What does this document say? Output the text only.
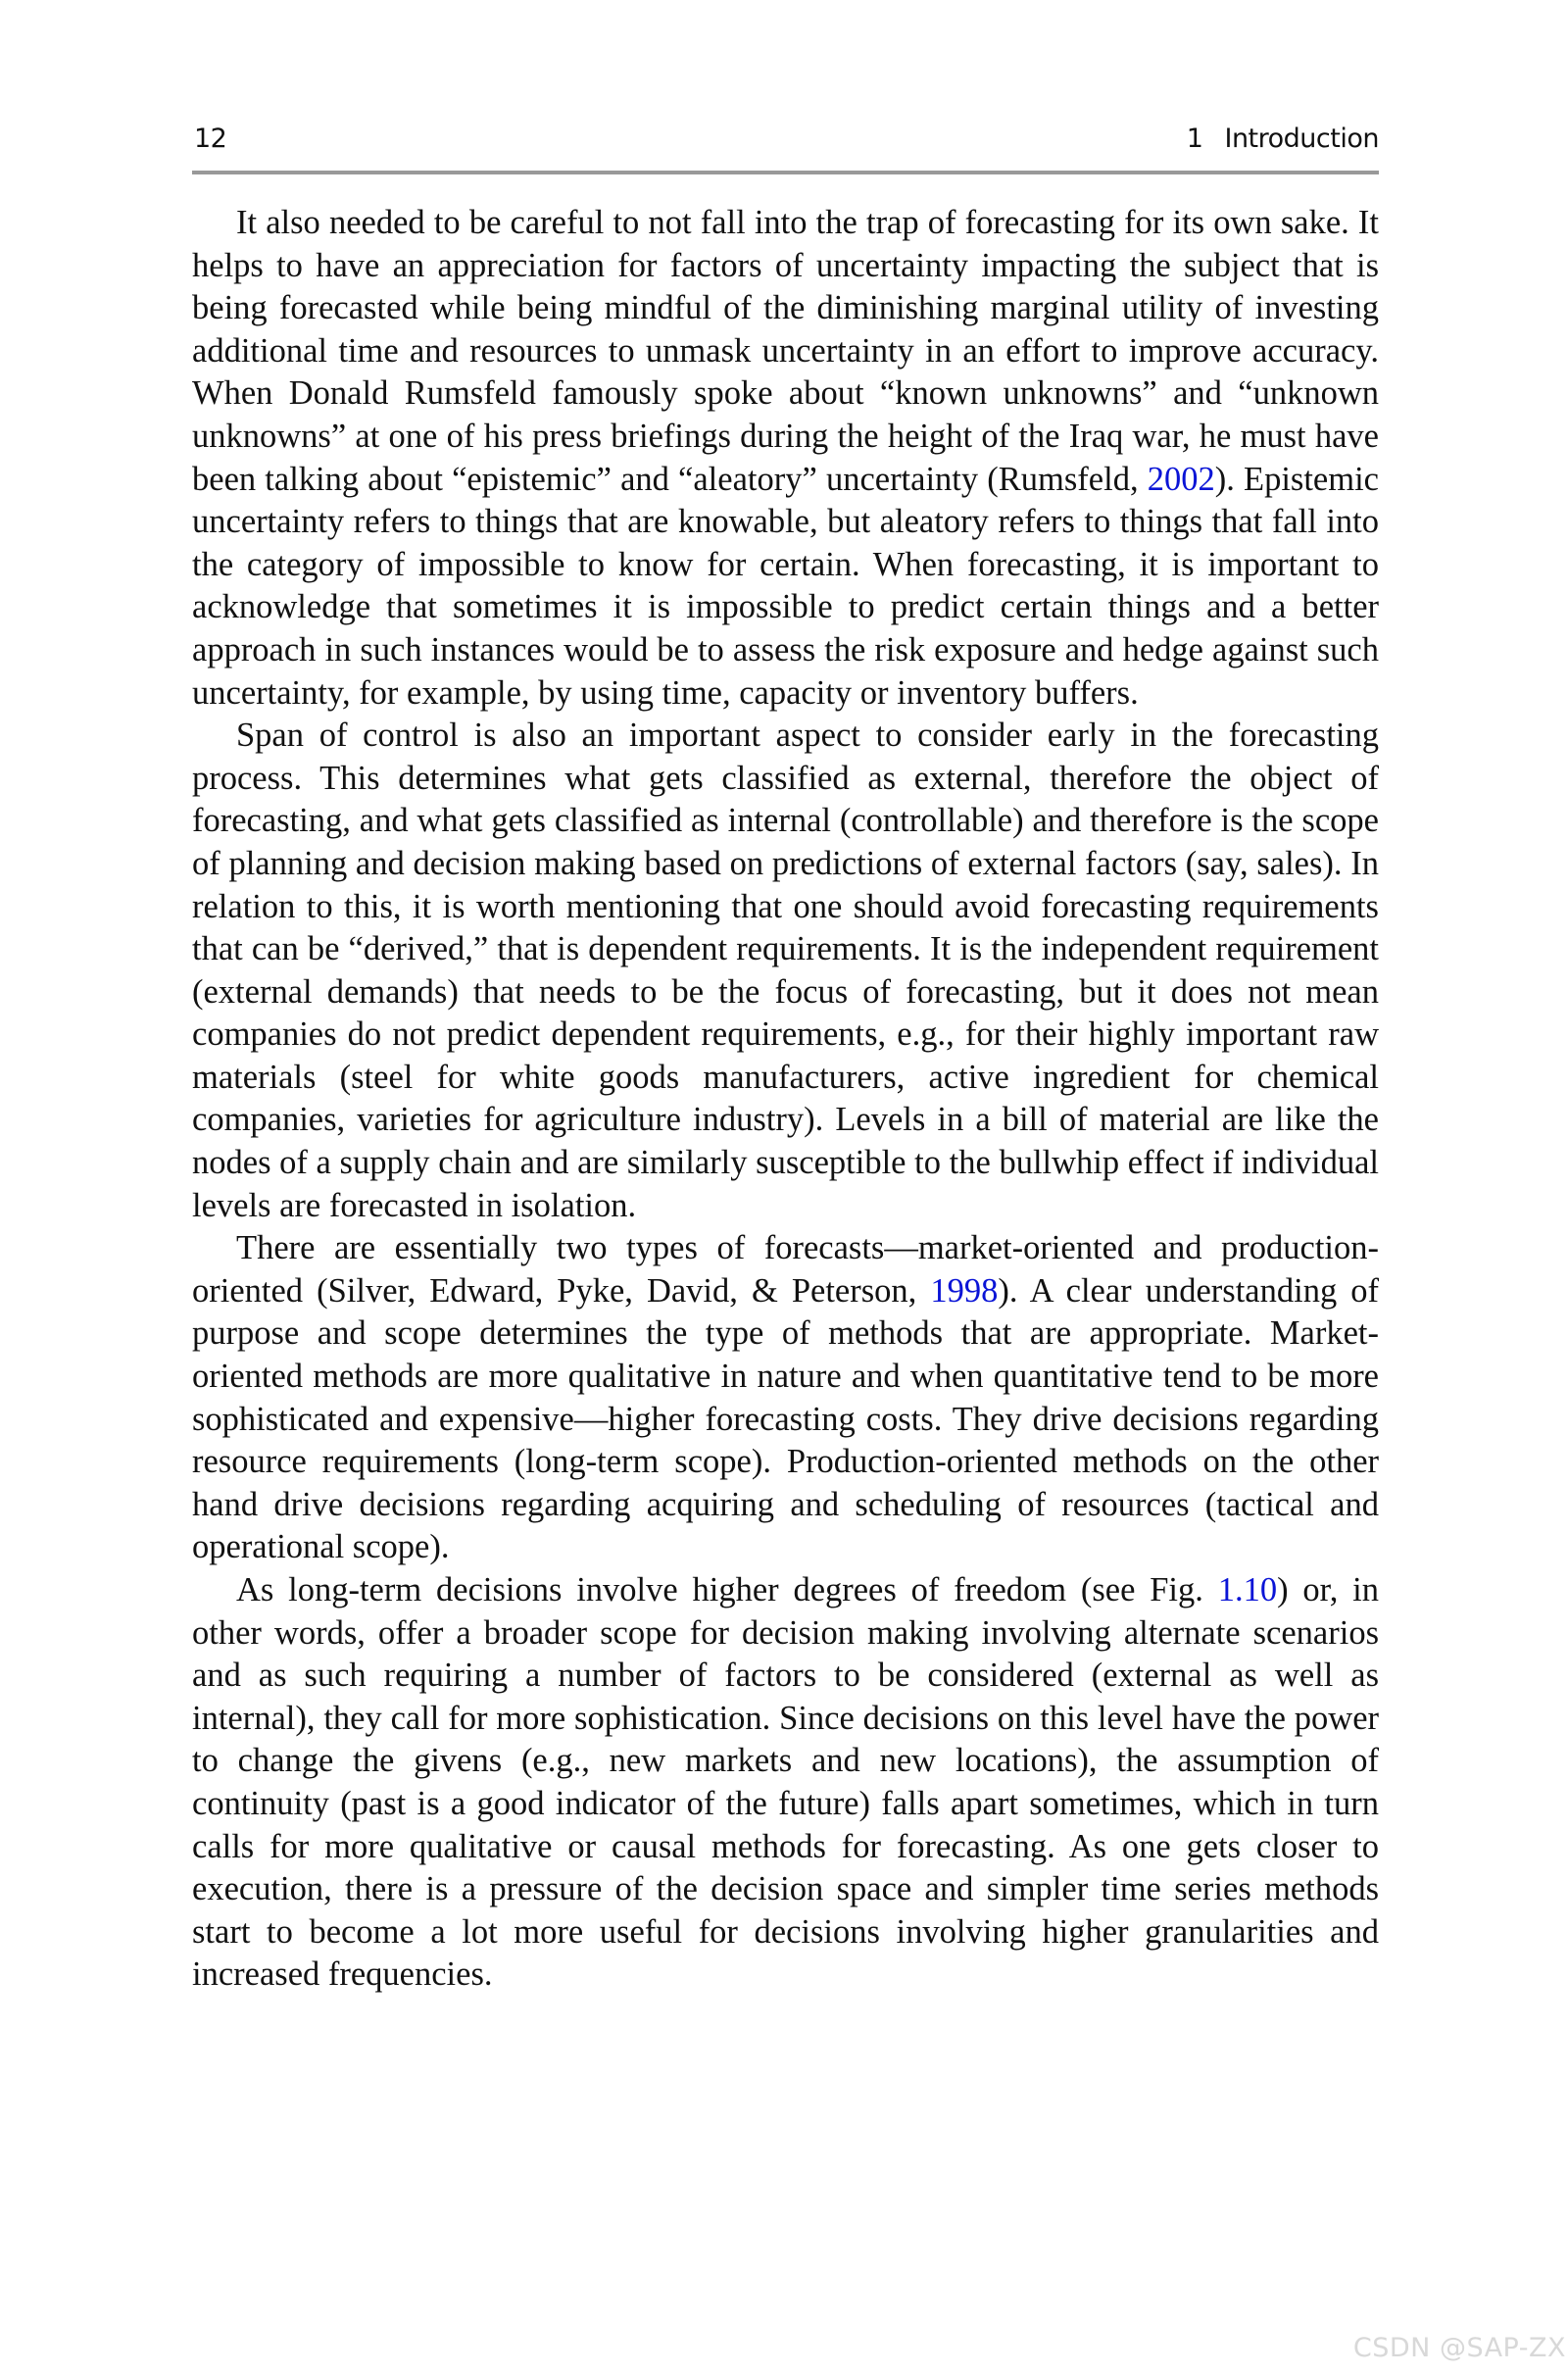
12	1 Introduction

It also needed to be careful to not fall into the trap of forecasting for its own sake. It helps to have an appreciation for factors of uncertainty impacting the subject that is being forecasted while being mindful of the diminishing marginal utility of investing additional time and resources to unmask uncertainty in an effort to improve accuracy. When Donald Rumsfeld famously spoke about “known unknowns” and “unknown unknowns” at one of his press briefings during the height of the Iraq war, he must have been talking about “epistemic” and “aleatory” uncertainty (Rumsfeld, 2002). Epistemic uncertainty refers to things that are knowable, but aleatory refers to things that fall into the category of impossible to know for certain. When forecasting, it is important to acknowledge that sometimes it is impossible to predict certain things and a better approach in such instances would be to assess the risk exposure and hedge against such uncertainty, for example, by using time, capacity or inventory buffers.

Span of control is also an important aspect to consider early in the forecasting process. This determines what gets classified as external, therefore the object of forecasting, and what gets classified as internal (controllable) and therefore is the scope of planning and decision making based on predictions of external factors (say, sales). In relation to this, it is worth mentioning that one should avoid forecasting requirements that can be “derived,” that is dependent requirements. It is the independent requirement (external demands) that needs to be the focus of forecasting, but it does not mean companies do not predict dependent requirements, e.g., for their highly important raw materials (steel for white goods manufacturers, active ingredient for chemical companies, varieties for agriculture industry). Levels in a bill of material are like the nodes of a supply chain and are similarly susceptible to the bullwhip effect if individual levels are forecasted in isolation.

There are essentially two types of forecasts—market-oriented and production-​oriented (Silver, Edward, Pyke, David, & Peterson, 1998). A clear understanding of purpose and scope determines the type of methods that are appropriate. Market-oriented methods are more qualitative in nature and when quantitative tend to be more sophisticated and expensive—higher forecasting costs. They drive decisions regarding resource requirements (long-term scope). Production-oriented methods on the other hand drive decisions regarding acquiring and scheduling of resources (tactical and operational scope).

As long-term decisions involve higher degrees of freedom (see Fig. 1.10) or, in other words, offer a broader scope for decision making involving alternate scenarios and as such requiring a number of factors to be considered (external as well as internal), they call for more sophistication. Since decisions on this level have the power to change the givens (e.g., new markets and new locations), the assumption of continuity (past is a good indicator of the future) falls apart sometimes, which in turn calls for more qualitative or causal methods for forecasting. As one gets closer to execution, there is a pressure of the decision space and simpler time series methods start to become a lot more useful for decisions involving higher granularities and increased frequencies.

CSDN @SAP-ZX
